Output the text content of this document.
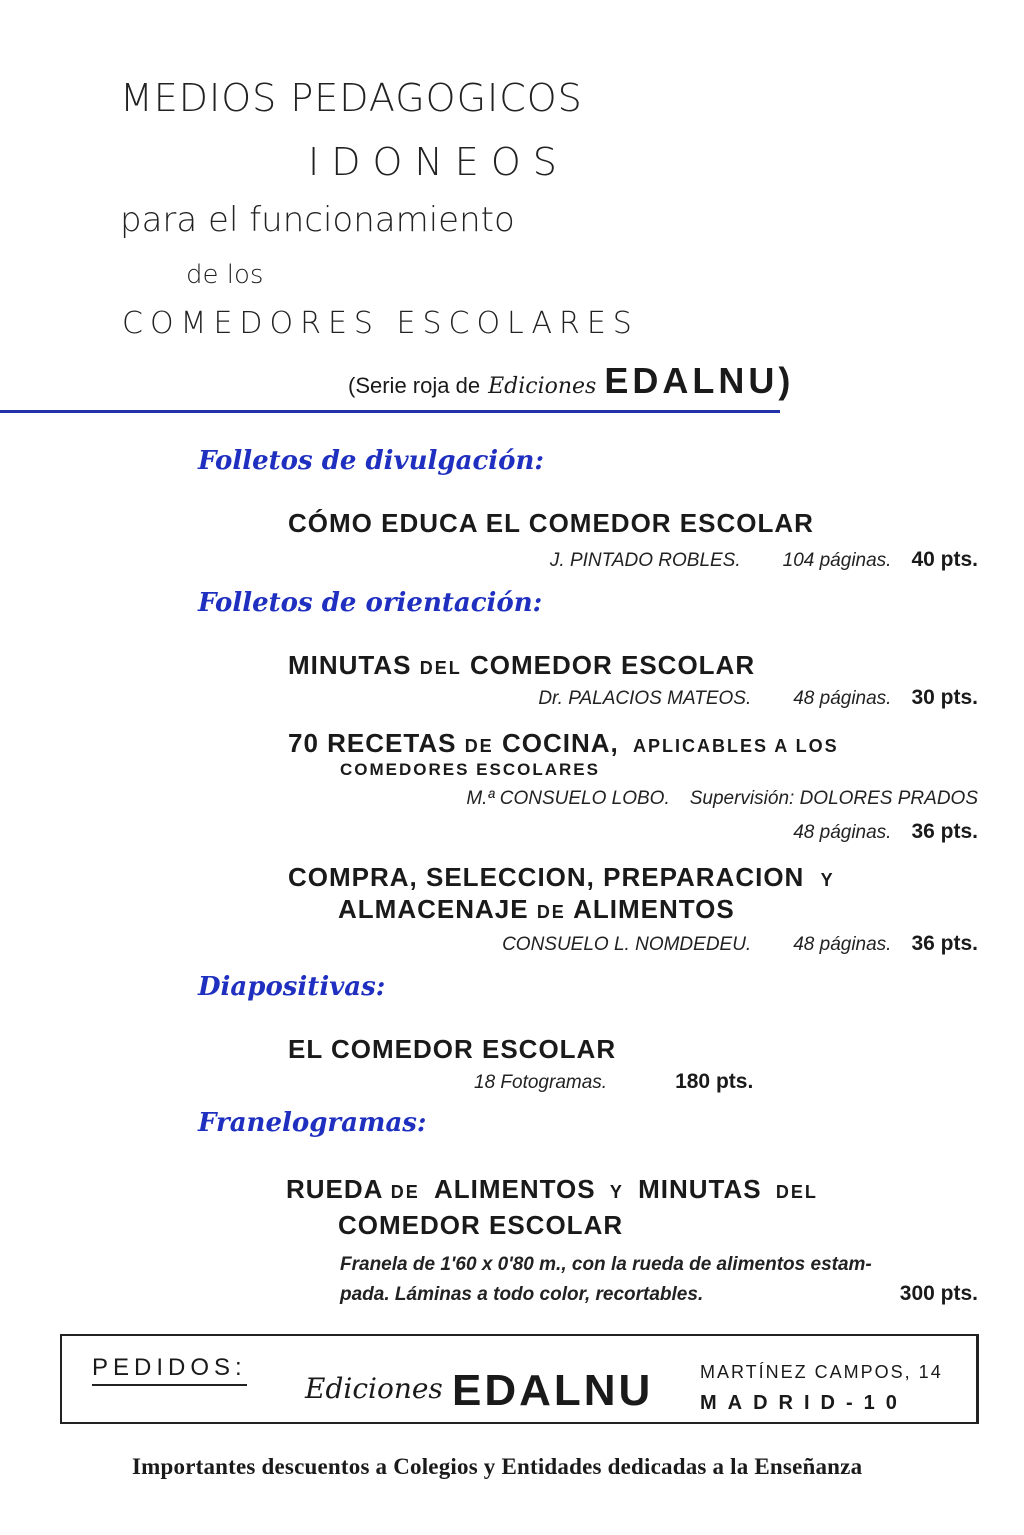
MEDIOS PEDAGOGICOS
IDONEOS
para el funcionamiento
de los
COMEDORES ESCOLARES
(Serie roja de Ediciones EDALNU)
Folletos de divulgación:
CÓMO EDUCA EL COMEDOR ESCOLAR
J. PINTADO ROBLES. 104 páginas. 40 pts.
Folletos de orientación:
MINUTAS DEL COMEDOR ESCOLAR
Dr. PALACIOS MATEOS. 48 páginas. 30 pts.
70 RECETAS DE COCINA, APLICABLES A LOS
COMEDORES ESCOLARES
M.ª CONSUELO LOBO. Supervisión: DOLORES PRADOS
48 páginas. 36 pts.
COMPRA, SELECCION, PREPARACION Y
ALMACENAJE DE ALIMENTOS
CONSUELO L. NOMDEDEU. 48 páginas. 36 pts.
Diapositivas:
EL COMEDOR ESCOLAR
18 Fotogramas.	180 pts.
Franelogramas:
RUEDA DE ALIMENTOS Y MINUTAS DEL
COMEDOR ESCOLAR
Franela de 1'60 x 0'80 m., con la rueda de alimentos estam-
pada. Láminas a todo color, recortables.	300 pts.
PEDIDOS:
Ediciones EDALNU	MARTÍNEZ CAMPOS, 14
MADRID-10
Importantes descuentos a Colegios y Entidades dedicadas a la Enseñanza
